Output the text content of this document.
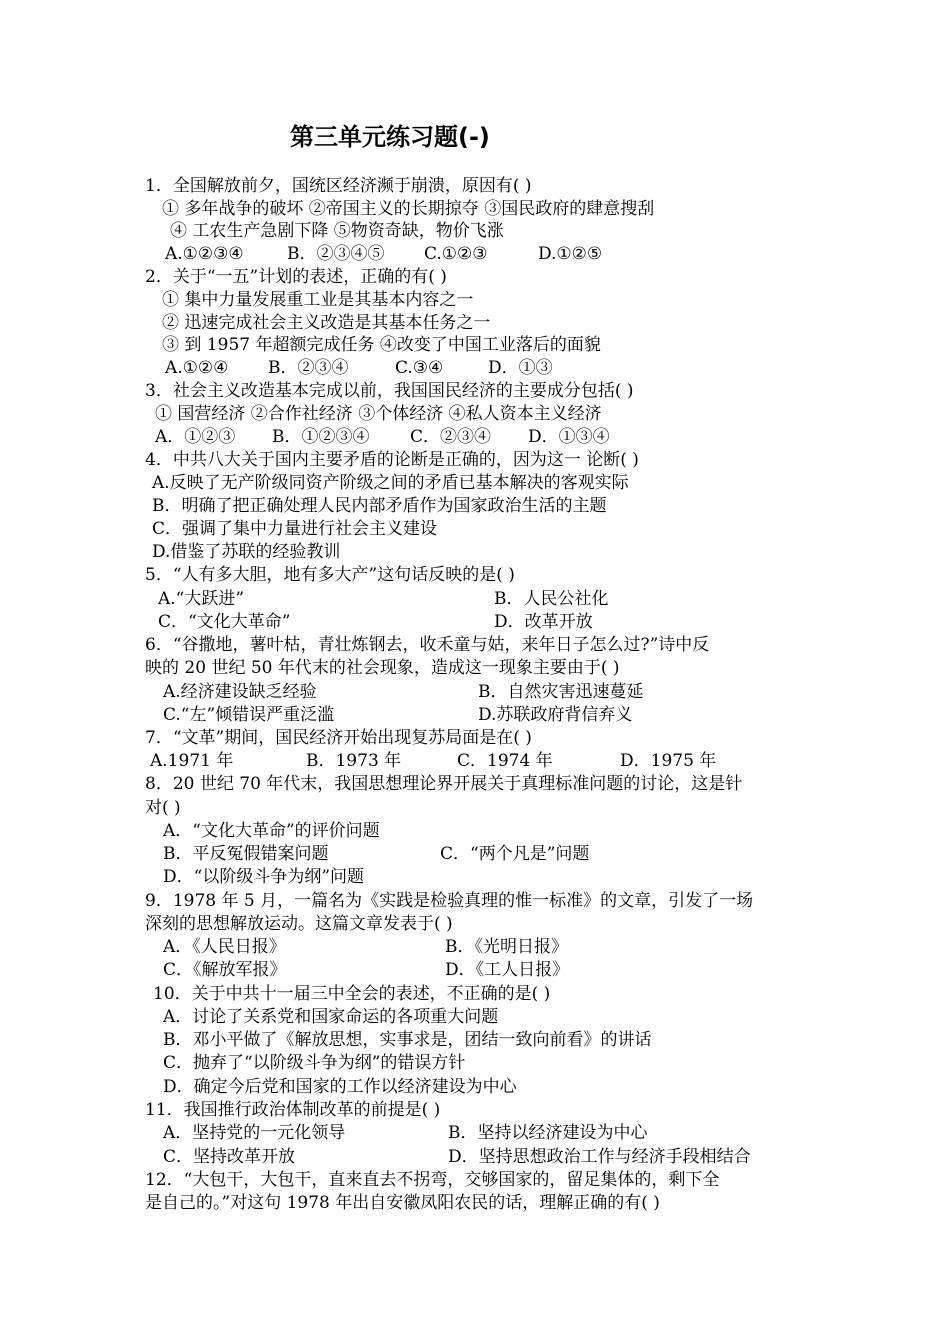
第三单元练习题(-)
1．全国解放前夕，国统区经济濒于崩溃，原因有( )
① 多年战争的破坏 ②帝国主义的长期掠夺 ③国民政府的肆意搜刮
④ 工农生产急剧下降 ⑤物资奇缺，物价飞涨
A.①②③④	B．②③④⑤ C.①②③	D.①②⑤
2．关于“一五”计划的表述，正确的有( )
① 集中力量发展重工业是其基本内容之一
② 迅速完成社会主义改造是其基本任务之一
③ 到 1957 年超额完成任务 ④改变了中国工业落后的面貌
A.①②④ B．②③④	C.③④	D．①③
3．社会主义改造基本完成以前，我国国民经济的主要成分包括( )
① 国营经济 ②合作社经济 ③个体经济 ④私人资本主义经济
A．①②③ B．①②③④ C．②③④ D．①③④
4．中共八大关于国内主要矛盾的论断是正确的，因为这一 论断( )
A.反映了无产阶级同资产阶级之间的矛盾已基本解决的客观实际
B．明确了把正确处理人民内部矛盾作为国家政治生活的主题
C．强调了集中力量进行社会主义建设
D.借鉴了苏联的经验教训
5．“人有多大胆，地有多大产”这句话反映的是( )
A.“大跃进”	B．人民公社化
C．“文化大革命”	D．改革开放
6．“谷撒地，薯叶枯，青壮炼钢去，收禾童与姑，来年日子怎么过?”诗中反
映的 20 世纪 50 年代末的社会现象，造成这一现象主要由于( )
A.经济建设缺乏经验	B．自然灾害迅速蔓延
C.“左”倾错误严重泛滥	D.苏联政府背信弃义
7．“文革”期间，国民经济开始出现复苏局面是在( )
A.1971 年	B．1973 年	C．1974 年	D．1975 年
8．20 世纪 70 年代末，我国思想理论界开展关于真理标准问题的讨论，这是针
对( )
A．“文化大革命”的评价问题
B．平反冤假错案问题	C．“两个凡是”问题
D．“以阶级斗争为纲”问题
9．1978 年 5 月，一篇名为《实践是检验真理的惟一标准》的文章，引发了一场
深刻的思想解放运动。这篇文章发表于( )
A．《人民日报》	B．《光明日报》
C．《解放军报》	D．《工人日报》
10．关于中共十一届三中全会的表述，不正确的是( )
A．讨论了关系党和国家命运的各项重大问题
B．邓小平做了《解放思想，实事求是，团结一致向前看》的讲话
C．抛弃了“以阶级斗争为纲”的错误方针
D．确定今后党和国家的工作以经济建设为中心
11．我国推行政治体制改革的前提是( )
A．坚持党的一元化领导	B．坚持以经济建设为中心
C．坚持改革开放	D．坚持思想政治工作与经济手段相结合
12．“大包干，大包干，直来直去不拐弯，交够国家的，留足集体的，剩下全
是自己的。”对这句 1978 年出自安徽凤阳农民的话，理解正确的有( )
